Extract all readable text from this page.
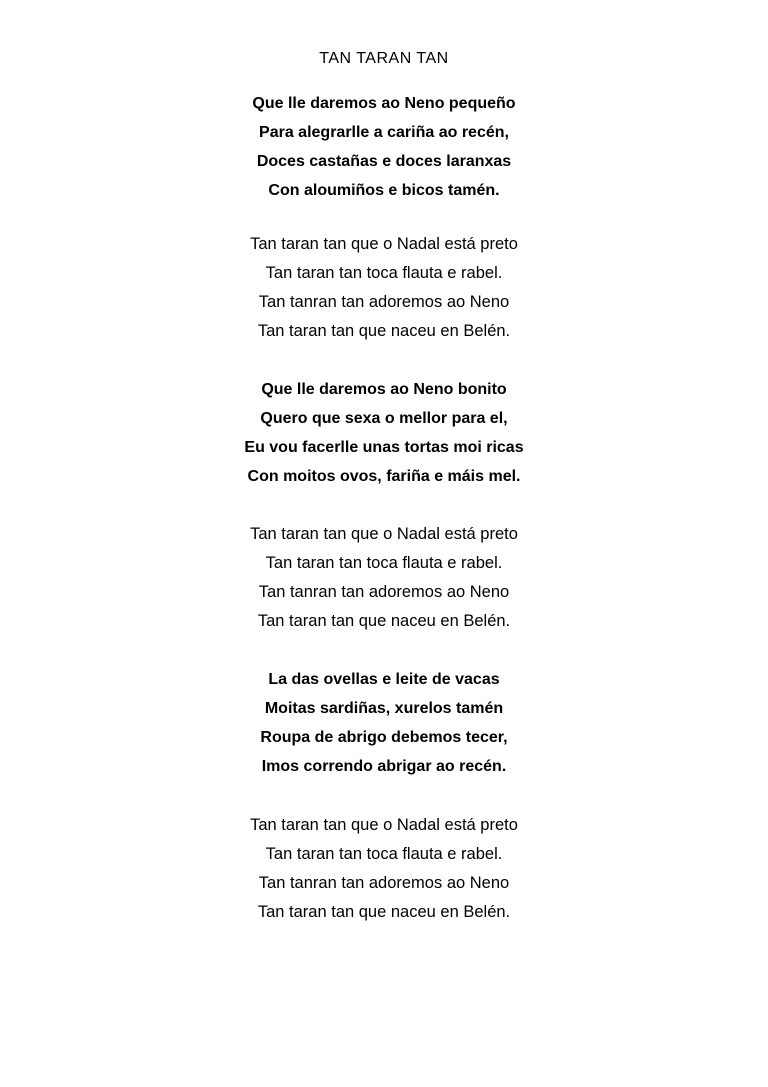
TAN TARAN TAN
Que lle daremos ao Neno pequeño
Para alegrarlle a cariña ao recén,
Doces castañas e doces laranxas
Con aloumiños e bicos tamén.
Tan taran tan que o Nadal está preto
Tan taran tan toca flauta e rabel.
Tan tanran tan adoremos ao Neno
Tan taran tan que naceu en Belén.
Que lle daremos ao Neno bonito
Quero que sexa o mellor para el,
Eu vou facerlle unas tortas moi ricas
Con moitos ovos, fariña e máis mel.
Tan taran tan que o Nadal está preto
Tan taran tan toca flauta e rabel.
Tan tanran tan adoremos ao Neno
Tan taran tan que naceu en Belén.
La das ovellas e leite de vacas
Moitas sardiñas, xurelos tamén
Roupa de abrigo debemos tecer,
Imos correndo abrigar ao recén.
Tan taran tan que o Nadal está preto
Tan taran tan toca flauta e rabel.
Tan tanran tan adoremos ao Neno
Tan taran tan que naceu en Belén.
